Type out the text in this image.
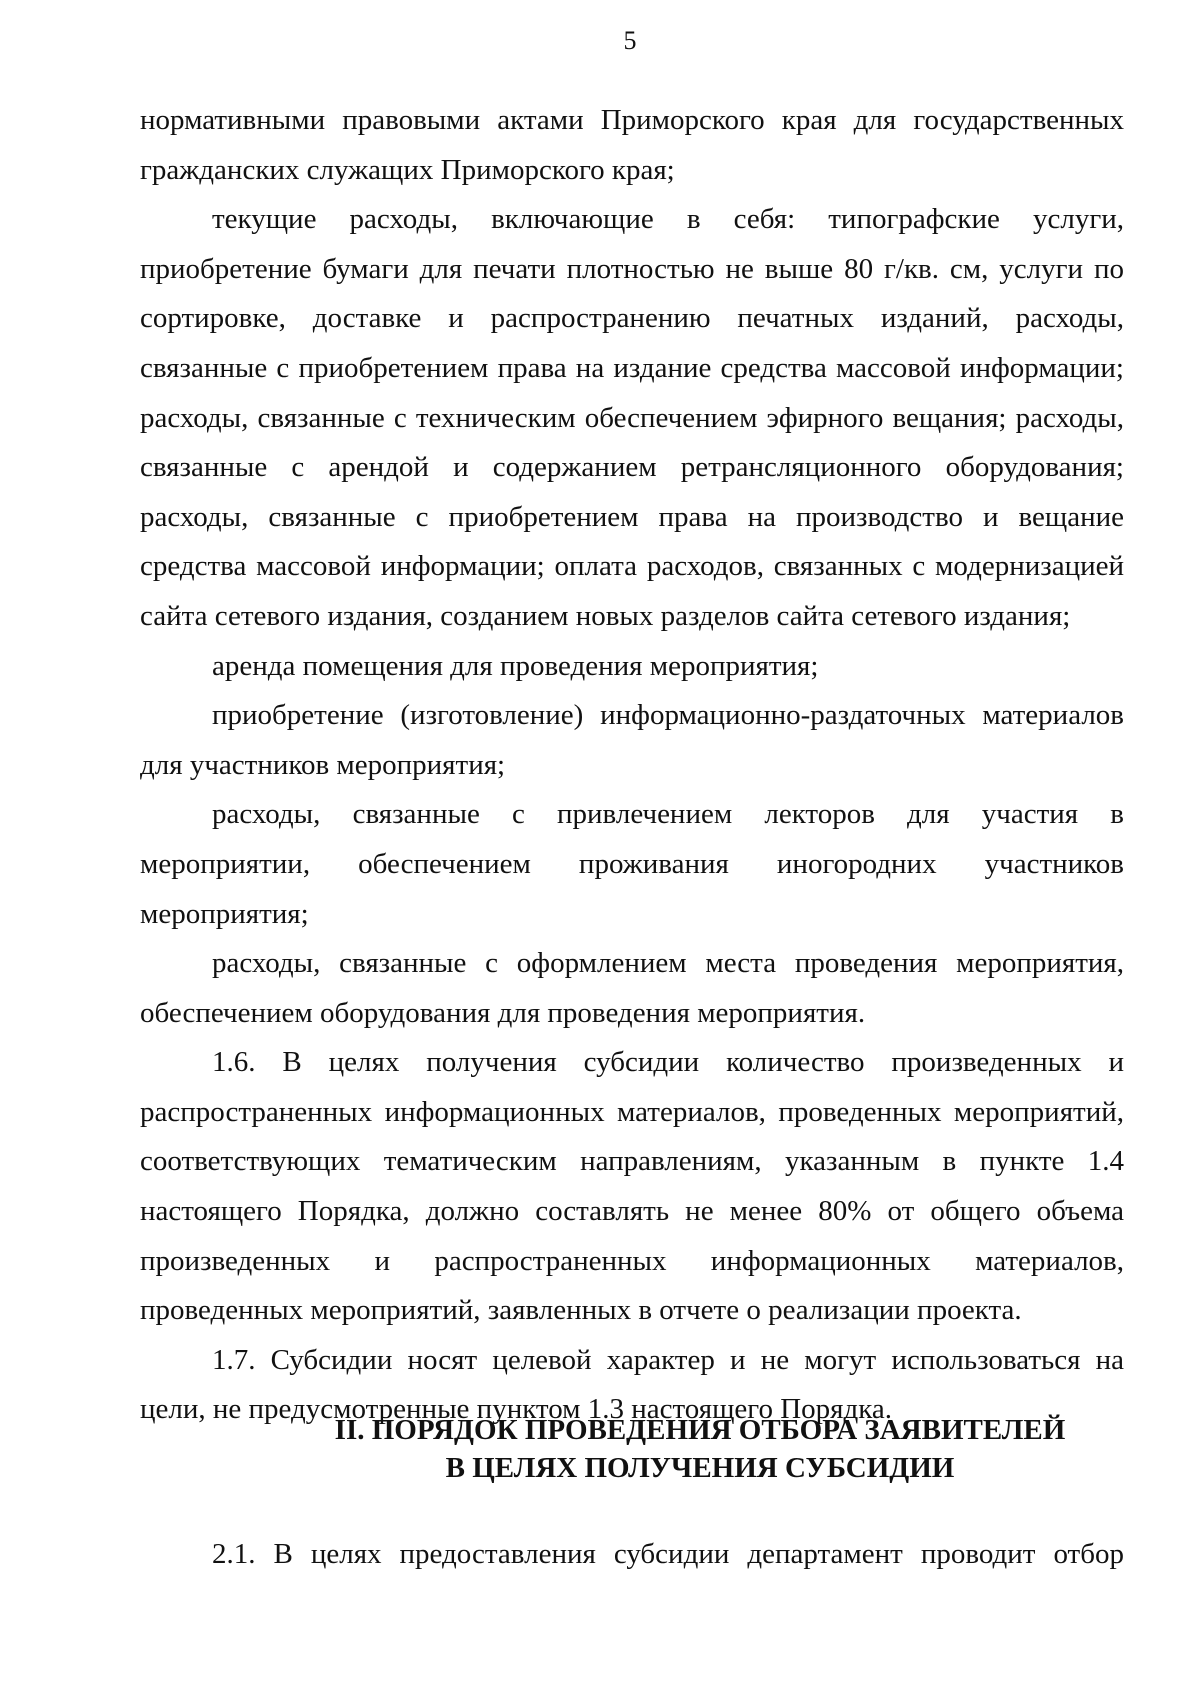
5

нормативными правовыми актами Приморского края для государственных гражданских служащих Приморского края;

текущие расходы, включающие в себя: типографские услуги, приобретение бумаги для печати плотностью не выше 80 г/кв. см, услуги по сортировке, доставке и распространению печатных изданий, расходы, связанные с приобретением права на издание средства массовой информации; расходы, связанные с техническим обеспечением эфирного вещания; расходы, связанные с арендой и содержанием ретрансляционного оборудования; расходы, связанные с приобретением права на производство и вещание средства массовой информации; оплата расходов, связанных с модернизацией сайта сетевого издания, созданием новых разделов сайта сетевого издания;

аренда помещения для проведения мероприятия;

приобретение (изготовление) информационно-раздаточных материалов для участников мероприятия;

расходы, связанные с привлечением лекторов для участия в мероприятии, обеспечением проживания иногородних участников мероприятия;

расходы, связанные с оформлением места проведения мероприятия, обеспечением оборудования для проведения мероприятия.

1.6. В целях получения субсидии количество произведенных и распространенных информационных материалов, проведенных мероприятий, соответствующих тематическим направлениям, указанным в пункте 1.4 настоящего Порядка, должно составлять не менее 80% от общего объема произведенных и распространенных информационных материалов, проведенных мероприятий, заявленных в отчете о реализации проекта.

1.7. Субсидии носят целевой характер и не могут использоваться на цели, не предусмотренные пунктом 1.3 настоящего Порядка.

II. ПОРЯДОК ПРОВЕДЕНИЯ ОТБОРА ЗАЯВИТЕЛЕЙ
В ЦЕЛЯХ ПОЛУЧЕНИЯ СУБСИДИИ
2.1. В целях предоставления субсидии департамент проводит отбор
